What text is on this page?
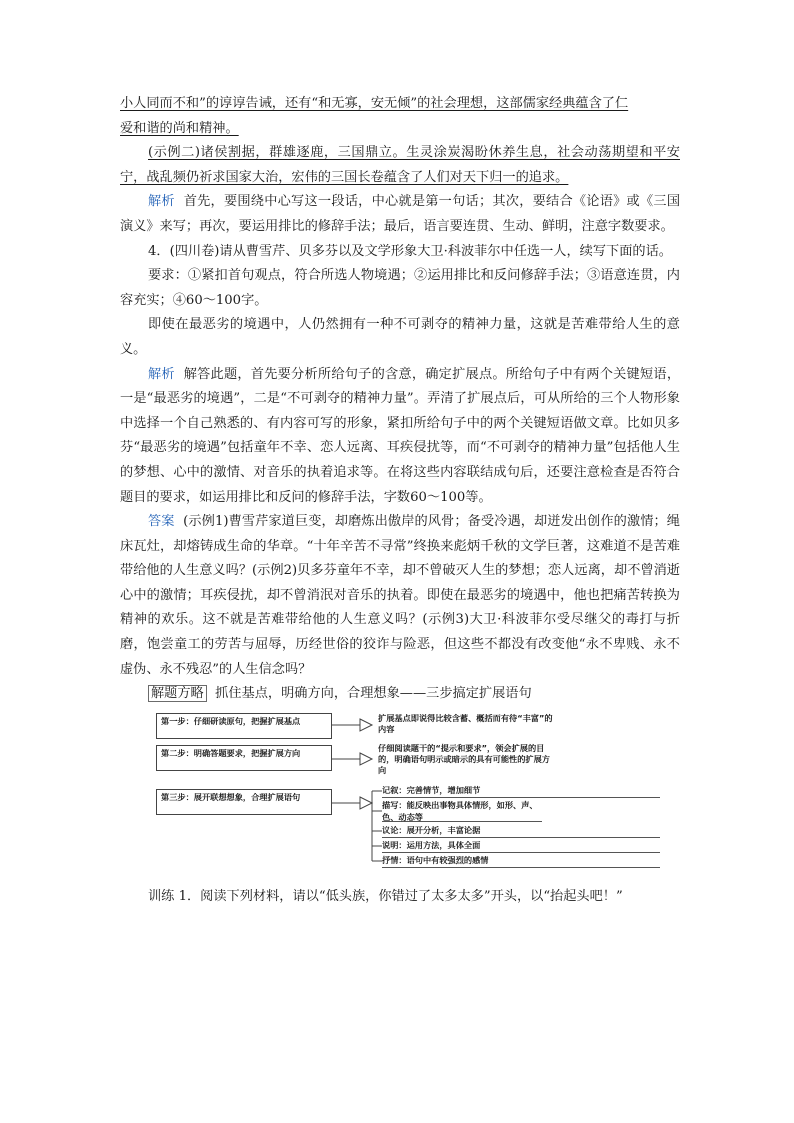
小人同而不和”的谆谆告诫，还有“和无寡，安无倾”的社会理想，这部儒家经典蕴含了仁

爱和谐的尚和精神。

(示例二)诸侯割据，群雄逐鹿，三国鼎立。生灵涂炭渴盼休养生息，社会动荡期望和平安宁，战乱频仍祈求国家大治，宏伟的三国长卷蕴含了人们对天下归一的追求。

解析 首先，要围绕中心写这一段话，中心就是第一句话；其次，要结合《论语》或《三国演义》来写；再次，要运用排比的修辞手法；最后，语言要连贯、生动、鲜明，注意字数要求。

4．(四川卷)请从曹雪芹、贝多芬以及文学形象大卫·科波菲尔中任选一人，续写下面的话。

要求：①紧扣首句观点，符合所选人物境遇；②运用排比和反问修辞手法；③语意连贯，内容充实；④60～100字。

即使在最恶劣的境遇中，人仍然拥有一种不可剥夺的精神力量，这就是苦难带给人生的意义。

解析 解答此题，首先要分析所给句子的含意，确定扩展点。所给句子中有两个关键短语，一是“最恶劣的境遇”，二是“不可剥夺的精神力量”。弄清了扩展点后，可从所给的三个人物形象中选择一个自己熟悉的、有内容可写的形象，紧扣所给句子中的两个关键短语做文章。比如贝多芬“最恶劣的境遇”包括童年不幸、恋人远离、耳疾侵扰等，而“不可剥夺的精神力量”包括他人生的梦想、心中的激情、对音乐的执着追求等。在将这些内容联结成句后，还要注意检查是否符合题目的要求，如运用排比和反问的修辞手法，字数60～100等。

答案 (示例1)曹雪芹家道巨变，却磨炼出傲岸的风骨；备受冷遇，却迸发出创作的激情；绳床瓦灶，却熔铸成生命的华章。“十年辛苦不寻常”终换来彪炳千秋的文学巨著，这难道不是苦难带给他的人生意义吗？(示例2)贝多芬童年不幸，却不曾破灭人生的梦想；恋人远离，却不曾消逝心中的激情；耳疾侵扰，却不曾消泯对音乐的执着。即使在最恶劣的境遇中，他也把痛苦转换为精神的欢乐。这不就是苦难带给他的人生意义吗？(示例3)大卫·科波菲尔受尽继父的毒打与折磨，饱尝童工的劳苦与屈辱，历经世俗的狡诈与险恶，但这些不都没有改变他“永不卑贱、永不虚伪、永不残忍”的人生信念吗？

解题方略 抓住基点，明确方向，合理想象——三步搞定扩展语句

第一步：仔细研读原句，把握扩展基点	扩展基点即说得比较含蓄、概括而有待“丰富”的内容
第二步：明确答题要求，把握扩展方向	仔细阅读题干的“提示和要求”，领会扩展的目的，明确语句明示或暗示的具有可能性的扩展方向
第三步：展开联想想象，合理扩展语句
记叙：完善情节，增加细节
描写：能反映出事物具体情形，如形、声、色、动态等
议论：展开分析，丰富论据
说明：运用方法，具体全面
抒情：语句中有较强烈的感情

训练 1．阅读下列材料，请以“低头族，你错过了太多太多”开头，以“抬起头吧！”
